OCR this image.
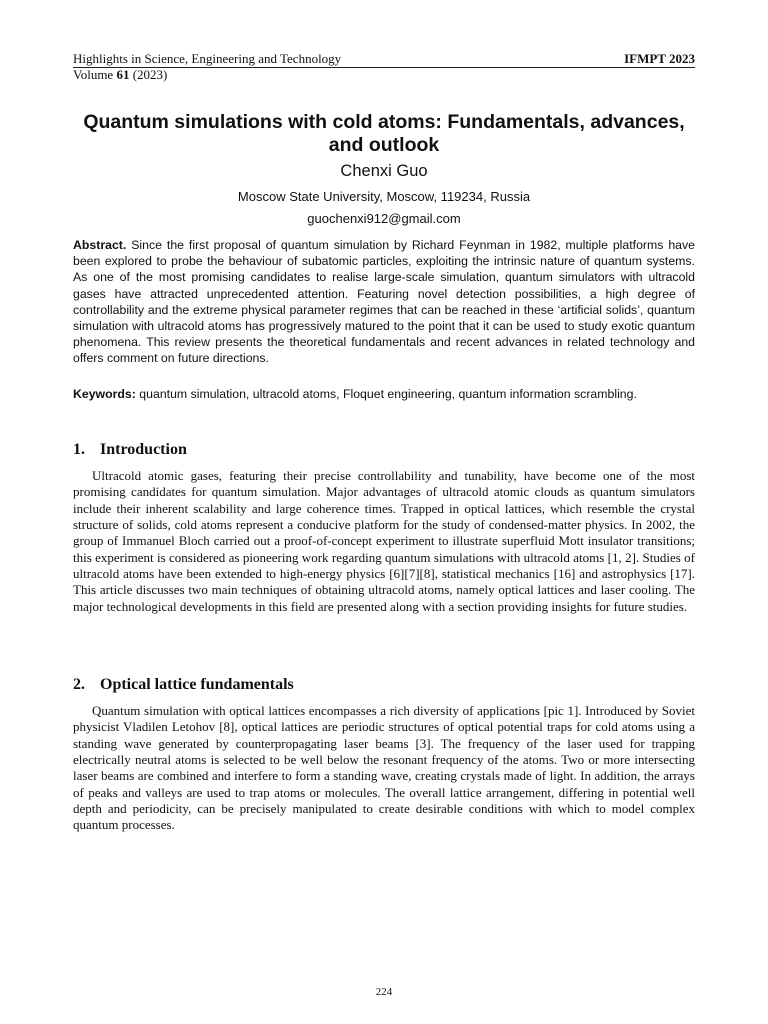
Highlights in Science, Engineering and Technology	IFMPT 2023
Volume 61 (2023)
Quantum simulations with cold atoms: Fundamentals, advances, and outlook
Chenxi Guo
Moscow State University, Moscow, 119234, Russia
guochenxi912@gmail.com
Abstract. Since the first proposal of quantum simulation by Richard Feynman in 1982, multiple platforms have been explored to probe the behaviour of subatomic particles, exploiting the intrinsic nature of quantum systems. As one of the most promising candidates to realise large-scale simulation, quantum simulators with ultracold gases have attracted unprecedented attention. Featuring novel detection possibilities, a high degree of controllability and the extreme physical parameter regimes that can be reached in these ‘artificial solids’, quantum simulation with ultracold atoms has progressively matured to the point that it can be used to study exotic quantum phenomena. This review presents the theoretical fundamentals and recent advances in related technology and offers comment on future directions.
Keywords: quantum simulation, ultracold atoms, Floquet engineering, quantum information scrambling.
1. Introduction
Ultracold atomic gases, featuring their precise controllability and tunability, have become one of the most promising candidates for quantum simulation. Major advantages of ultracold atomic clouds as quantum simulators include their inherent scalability and large coherence times. Trapped in optical lattices, which resemble the crystal structure of solids, cold atoms represent a conducive platform for the study of condensed-matter physics. In 2002, the group of Immanuel Bloch carried out a proof-of-concept experiment to illustrate superfluid Mott insulator transitions; this experiment is considered as pioneering work regarding quantum simulations with ultracold atoms [1, 2]. Studies of ultracold atoms have been extended to high-energy physics [6][7][8], statistical mechanics [16] and astrophysics [17]. This article discusses two main techniques of obtaining ultracold atoms, namely optical lattices and laser cooling. The major technological developments in this field are presented along with a section providing insights for future studies.
2. Optical lattice fundamentals
Quantum simulation with optical lattices encompasses a rich diversity of applications [pic 1]. Introduced by Soviet physicist Vladilen Letohov [8], optical lattices are periodic structures of optical potential traps for cold atoms using a standing wave generated by counterpropagating laser beams [3]. The frequency of the laser used for trapping electrically neutral atoms is selected to be well below the resonant frequency of the atoms. Two or more intersecting laser beams are combined and interfere to form a standing wave, creating crystals made of light. In addition, the arrays of peaks and valleys are used to trap atoms or molecules. The overall lattice arrangement, differing in potential well depth and periodicity, can be precisely manipulated to create desirable conditions with which to model complex quantum processes.
224
